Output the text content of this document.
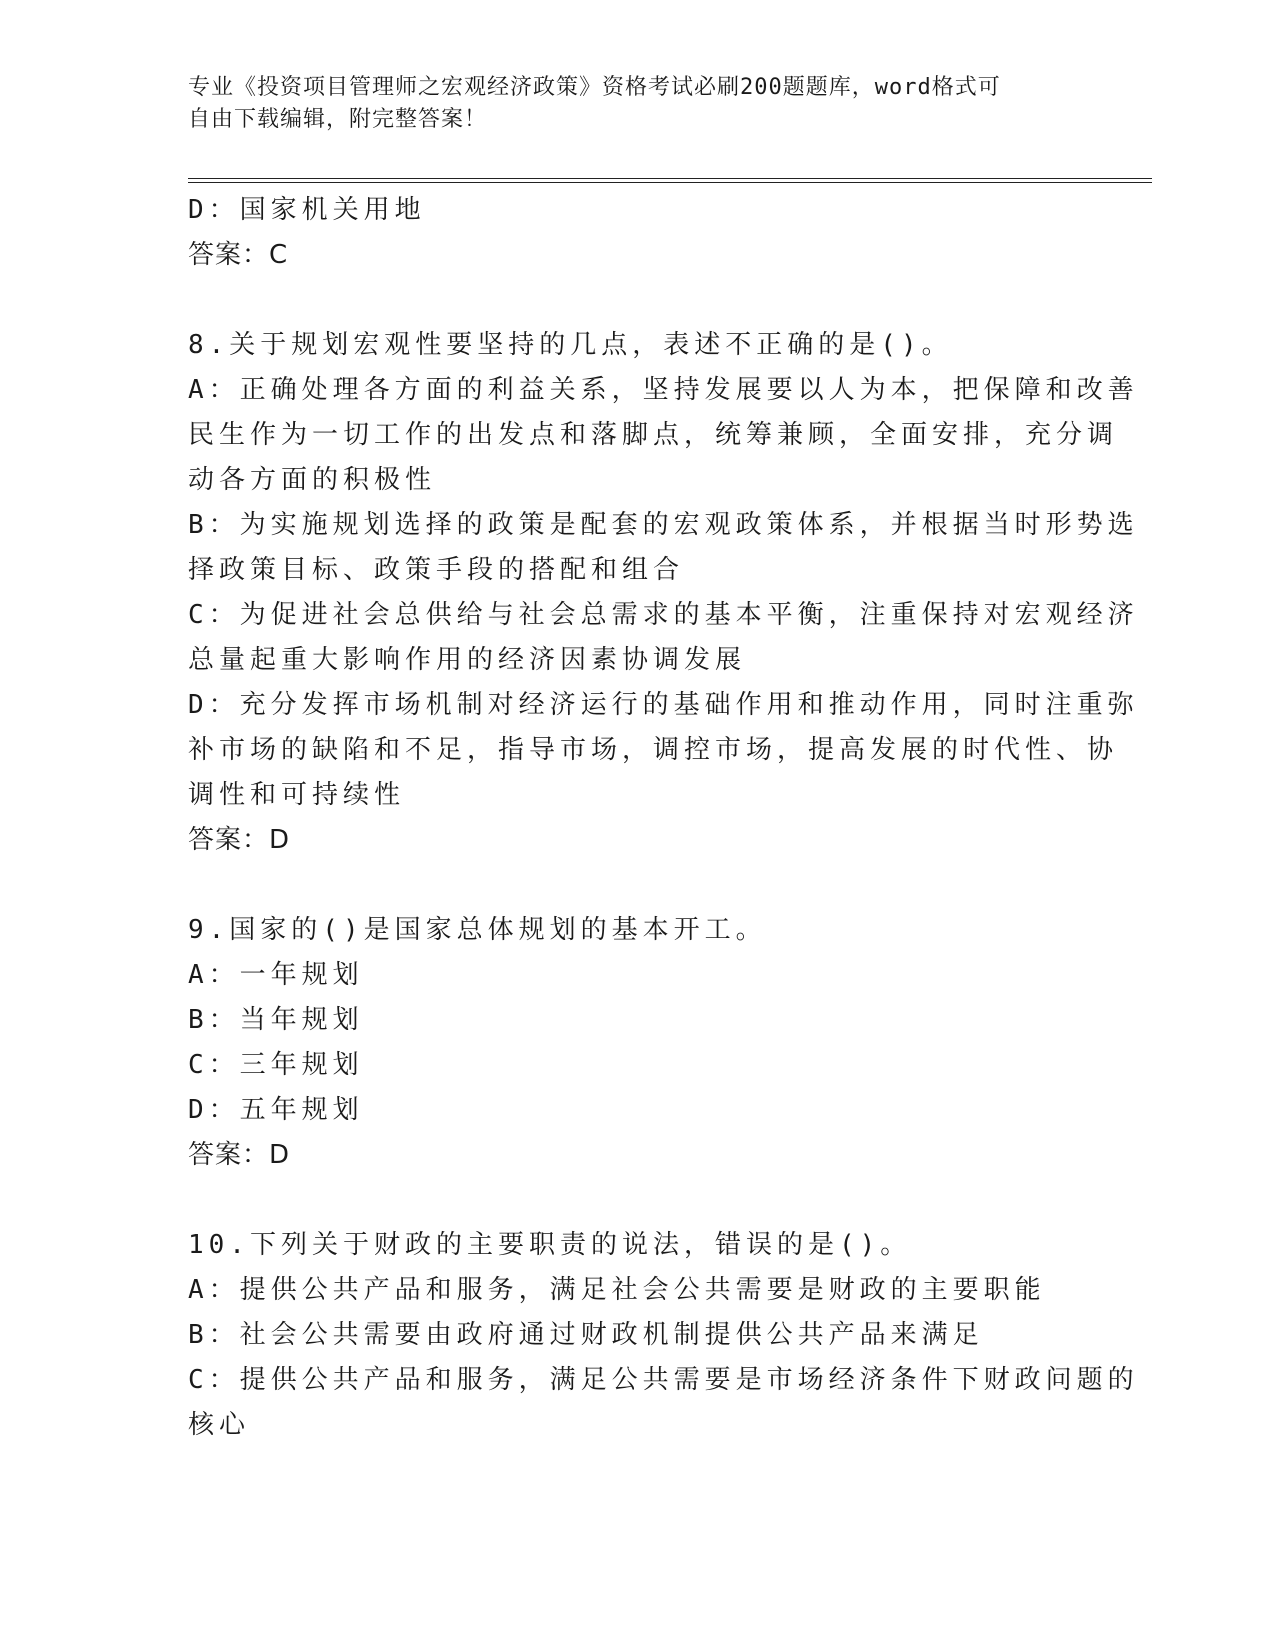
专业《投资项目管理师之宏观经济政策》资格考试必刷200题题库，word格式可
自由下载编辑，附完整答案！
D：国家机关用地
答案：C
8.关于规划宏观性要坚持的几点，表述不正确的是()。
A：正确处理各方面的利益关系，坚持发展要以人为本，把保障和改善
民生作为一切工作的出发点和落脚点，统筹兼顾，全面安排，充分调
动各方面的积极性
B：为实施规划选择的政策是配套的宏观政策体系，并根据当时形势选
择政策目标、政策手段的搭配和组合
C：为促进社会总供给与社会总需求的基本平衡，注重保持对宏观经济
总量起重大影响作用的经济因素协调发展
D：充分发挥市场机制对经济运行的基础作用和推动作用，同时注重弥
补市场的缺陷和不足，指导市场，调控市场，提高发展的时代性、协
调性和可持续性
答案：D
9.国家的()是国家总体规划的基本开工。
A：一年规划
B：当年规划
C：三年规划
D：五年规划
答案：D
10.下列关于财政的主要职责的说法，错误的是()。
A：提供公共产品和服务，满足社会公共需要是财政的主要职能
B：社会公共需要由政府通过财政机制提供公共产品来满足
C：提供公共产品和服务，满足公共需要是市场经济条件下财政问题的
核心
